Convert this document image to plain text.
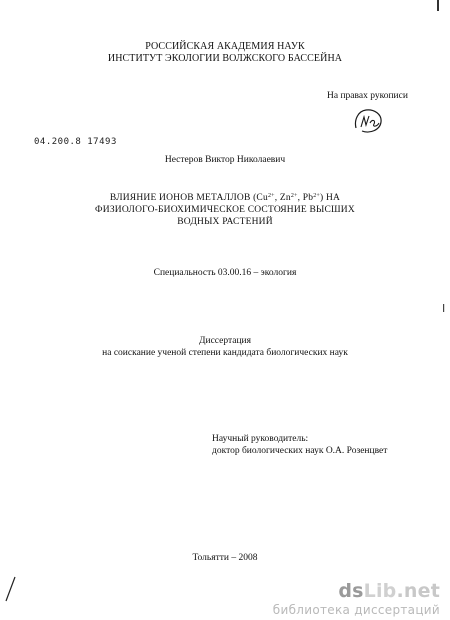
РОССИЙСКАЯ АКАДЕМИЯ НАУК
ИНСТИТУТ ЭКОЛОГИИ ВОЛЖСКОГО БАССЕЙНА
На правах рукописи
04.200.8 17493
Нестеров Виктор Николаевич
ВЛИЯНИЕ ИОНОВ МЕТАЛЛОВ ($Cu^{2+}$, $Zn^{2+}$, $Pb^{2+}$) НА
ФИЗИОЛОГО-БИОХИМИЧЕСКОЕ СОСТОЯНИЕ ВЫСШИХ
ВОДНЫХ РАСТЕНИЙ
Специальность 03.00.16 – экология
Диссертация
на соискание ученой степени кандидата биологических наук
Научный руководитель:
доктор биологических наук О.А. Розенцвет
Тольятти – 2008
dsLib.net
библиотека диссертаций
